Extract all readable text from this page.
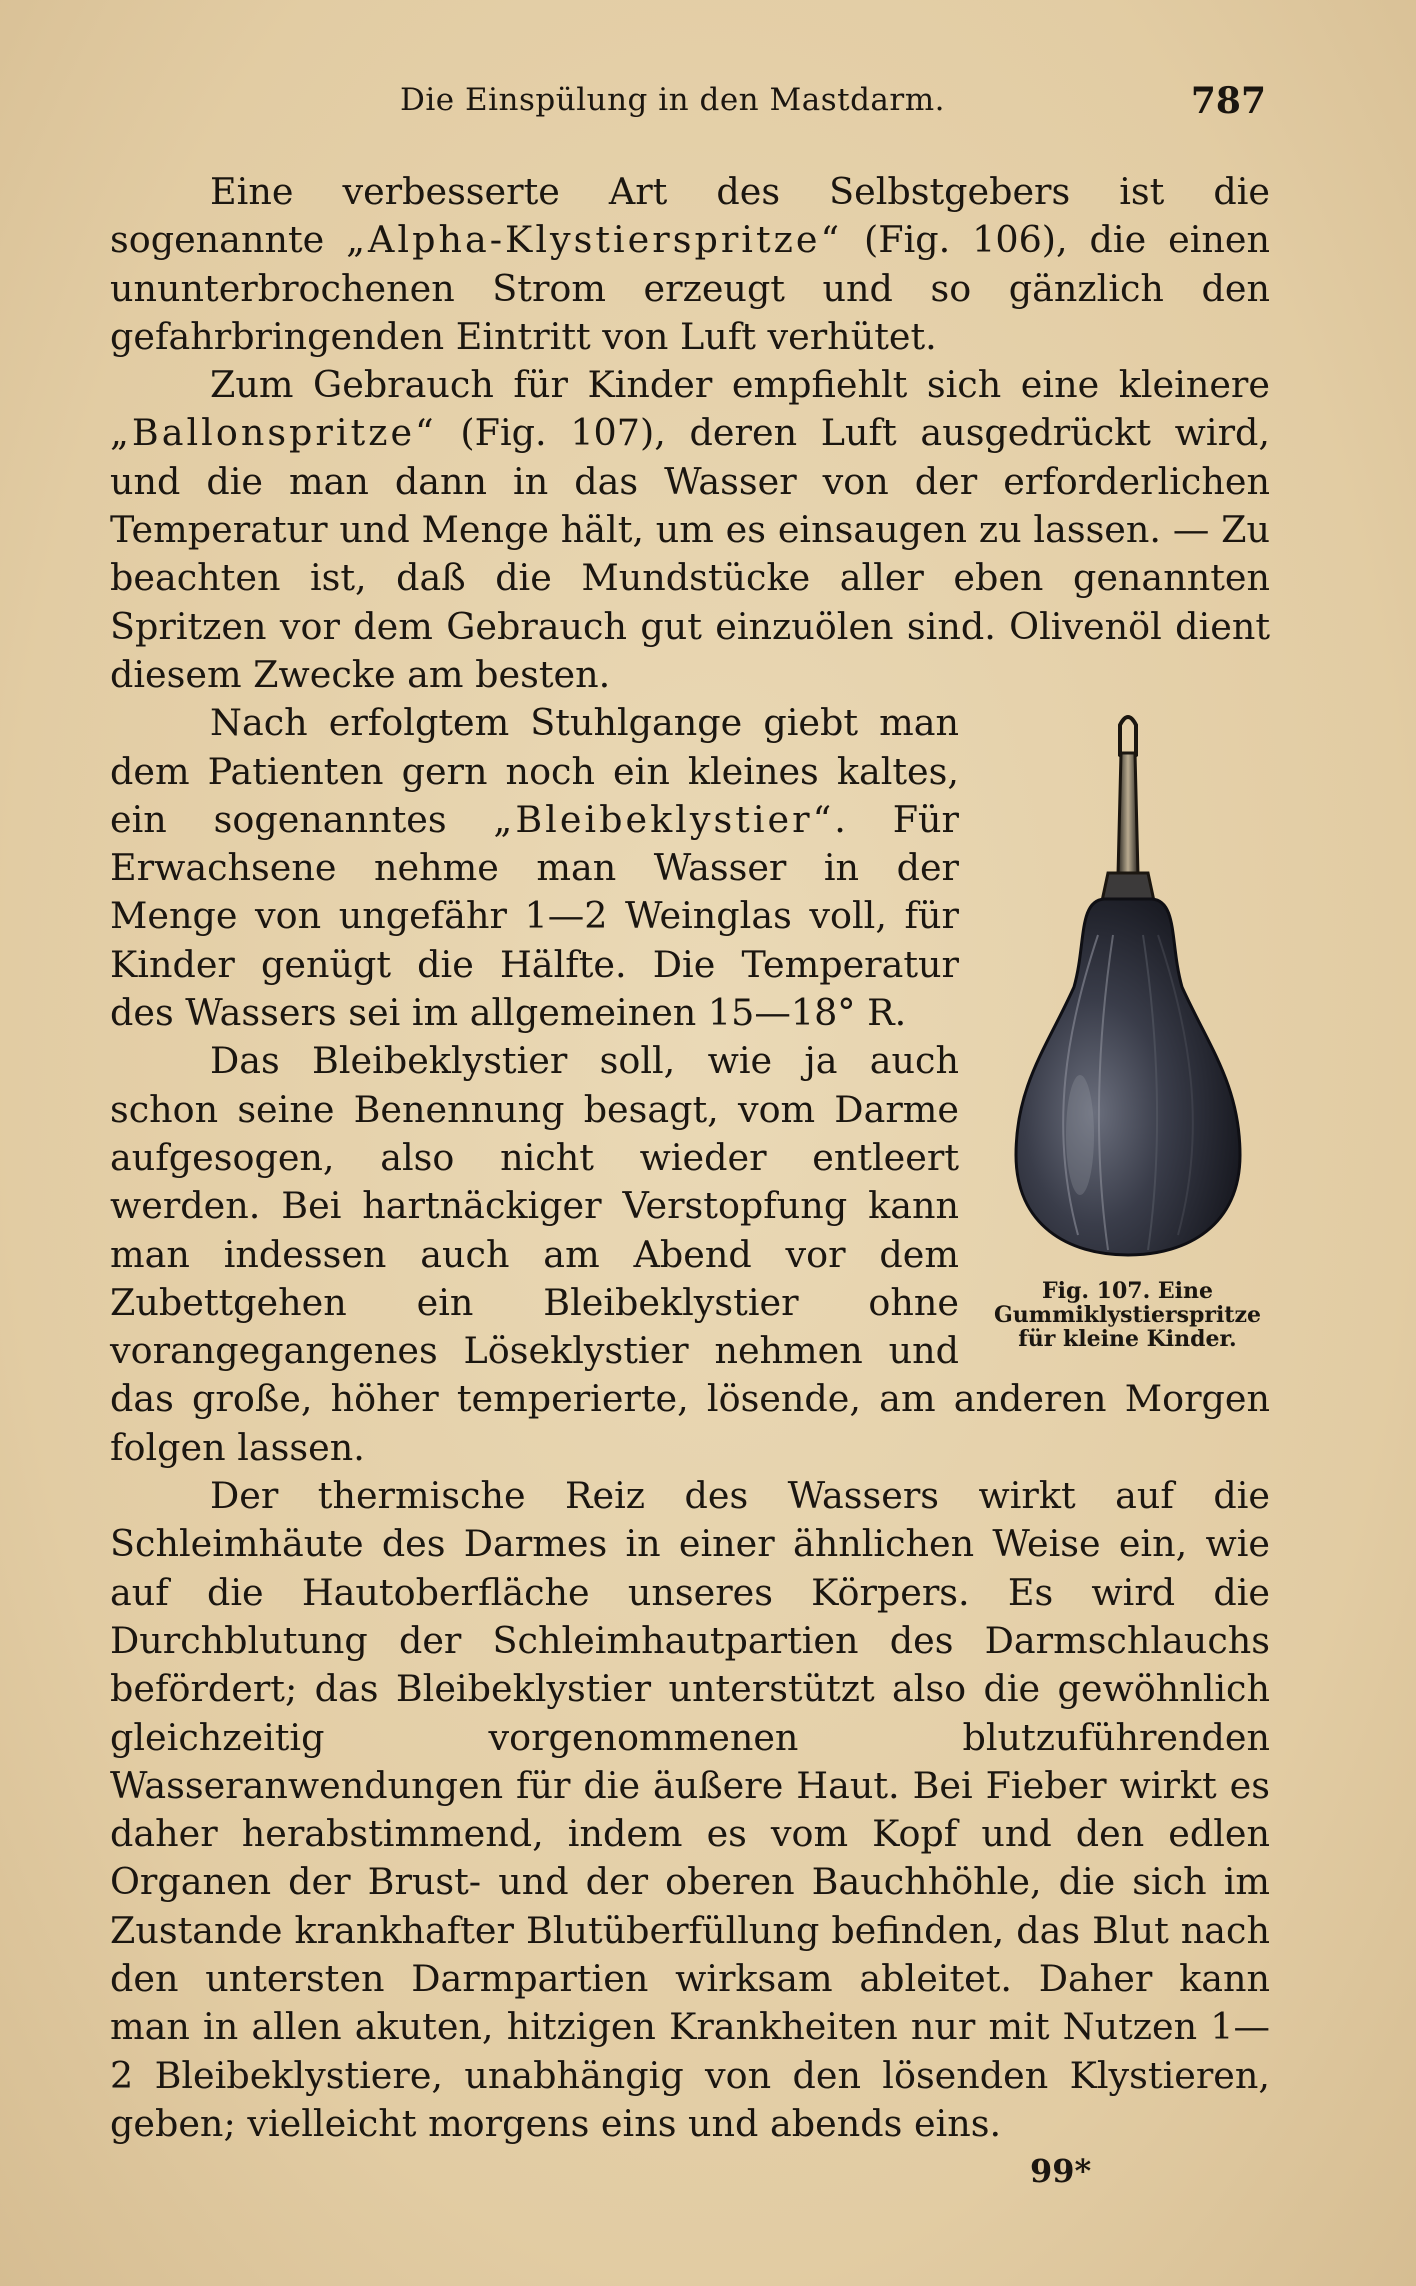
Die Einspülung in den Mastdarm.	787

Eine verbesserte Art des Selbstgebers ist die sogenannte „Alpha-Klystierspritze“ (Fig. 106), die einen ununterbrochenen Strom erzeugt und so gänzlich den gefahrbringenden Eintritt von Luft verhütet.

Zum Gebrauch für Kinder empfiehlt sich eine kleinere „Ballonspritze“ (Fig. 107), deren Luft ausgedrückt wird, und die man dann in das Wasser von der erforderlichen Temperatur und Menge hält, um es einsaugen zu lassen. — Zu beachten ist, daß die Mundstücke aller eben genannten Spritzen vor dem Gebrauch gut einzuölen sind. Olivenöl dient diesem Zwecke am besten.

Fig. 107. Eine Gummiklystierspritze für kleine Kinder.

Nach erfolgtem Stuhlgange giebt man dem Patienten gern noch ein kleines kaltes, ein sogenanntes „Bleibeklystier“. Für Erwachsene nehme man Wasser in der Menge von ungefähr 1—2 Weinglas voll, für Kinder genügt die Hälfte. Die Temperatur des Wassers sei im allgemeinen 15—18° R.

Das Bleibeklystier soll, wie ja auch schon seine Benennung besagt, vom Darme aufgesogen, also nicht wieder entleert werden. Bei hartnäckiger Verstopfung kann man indessen auch am Abend vor dem Zubettgehen ein Bleibeklystier ohne vorangegangenes Löseklystier nehmen und das große, höher temperierte, lösende, am anderen Morgen folgen lassen.

Der thermische Reiz des Wassers wirkt auf die Schleimhäute des Darmes in einer ähnlichen Weise ein, wie auf die Hautoberfläche unseres Körpers. Es wird die Durchblutung der Schleimhautpartien des Darmschlauchs befördert; das Bleibeklystier unterstützt also die gewöhnlich gleichzeitig vorgenommenen blutzuführenden Wasseranwendungen für die äußere Haut. Bei Fieber wirkt es daher herabstimmend, indem es vom Kopf und den edlen Organen der Brust- und der oberen Bauchhöhle, die sich im Zustande krankhafter Blutüberfüllung befinden, das Blut nach den untersten Darmpartien wirksam ableitet. Daher kann man in allen akuten, hitzigen Krankheiten nur mit Nutzen 1—2 Bleibeklystiere, unabhängig von den lösenden Klystieren, geben; vielleicht morgens eins und abends eins.

99*
